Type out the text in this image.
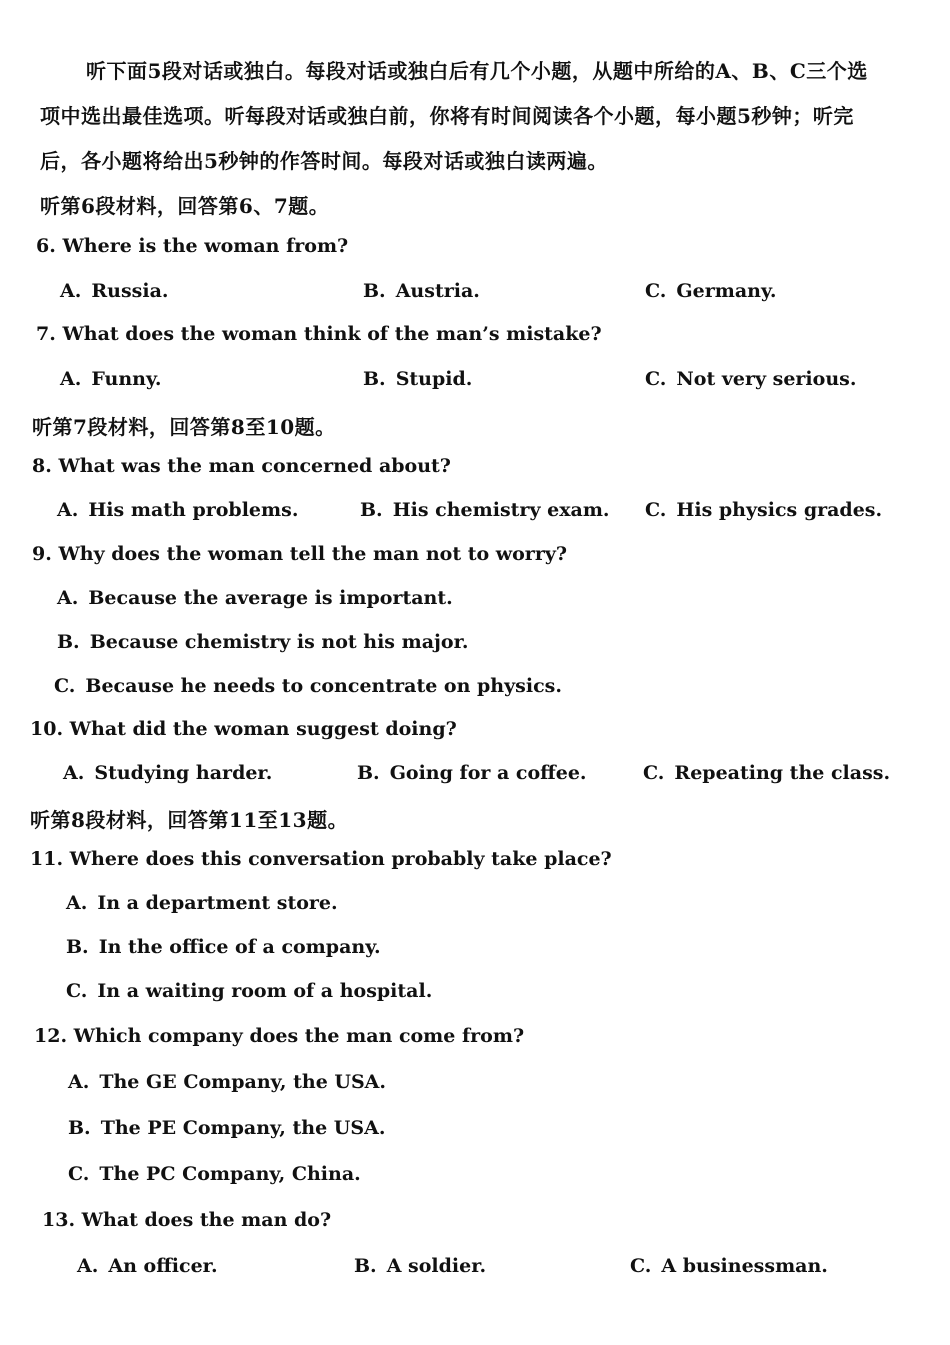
听下面5段对话或独白。每段对话或独白后有几个小题，从题中所给的A、B、C三个选
项中选出最佳选项。听每段对话或独白前，你将有时间阅读各个小题，每小题5秒钟；听完
后，各小题将给出5秒钟的作答时间。每段对话或独白读两遍。
听第6段材料，回答第6、7题。
6. Where is the woman from?
A. Russia.	B. Austria.	C. Germany.
7. What does the woman think of the man’s mistake?
A. Funny.	B. Stupid.	C. Not very serious.
听第7段材料，回答第8至10题。
8. What was the man concerned about?
A. His math problems.	B. His chemistry exam. C. His physics grades.
9. Why does the woman tell the man not to worry?
A. Because the average is important.
B. Because chemistry is not his major.
C. Because he needs to concentrate on physics.
10. What did the woman suggest doing?
A. Studying harder.	B. Going for a coffee.	C. Repeating the class.
听第8段材料，回答第11至13题。
11. Where does this conversation probably take place?
A. In a department store.
B. In the office of a company.
C. In a waiting room of a hospital.
12. Which company does the man come from?
A. The GE Company, the USA.
B. The PE Company, the USA.
C. The PC Company, China.
13. What does the man do?
A. An officer.	B. A soldier.	C. A businessman.
